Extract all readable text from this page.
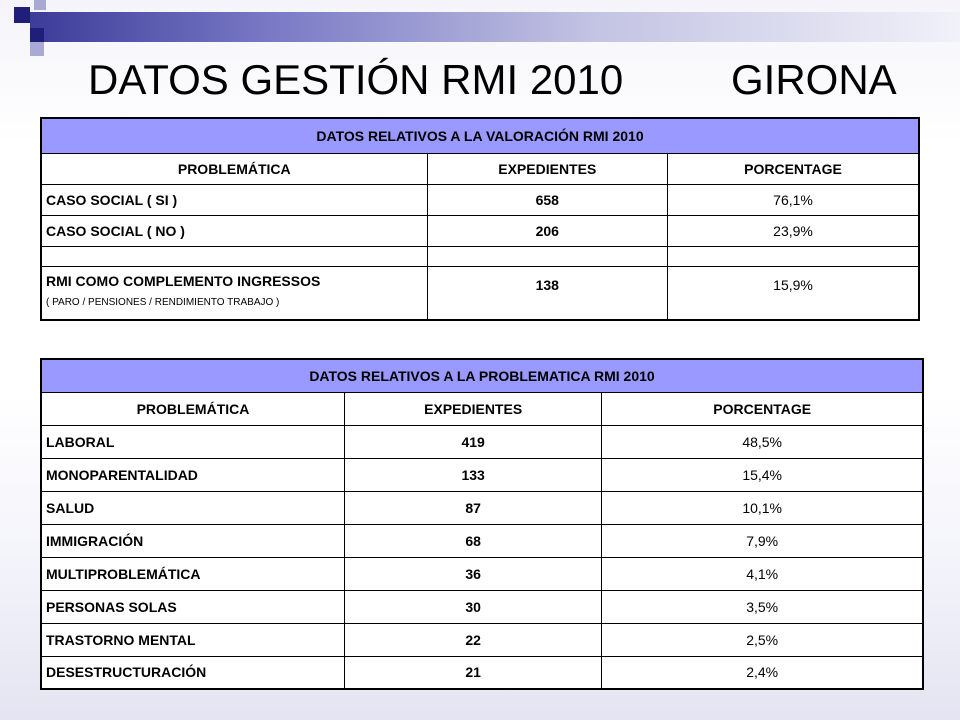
DATOS GESTIÓN RMI 2010	GIRONA
DATOS RELATIVOS A LA VALORACIÓN RMI 2010		
PROBLEMÁTICA	EXPEDIENTES	PORCENTAGE
CASO SOCIAL ( SI )	658	76,1%
CASO SOCIAL ( NO )	206	23,9%

RMI COMO COMPLEMENTO INGRESSOS
( PARO / PENSIONES / RENDIMIENTO TRABAJO )	138	15,9%
DATOS RELATIVOS A LA PROBLEMATICA RMI 2010		
PROBLEMÁTICA	EXPEDIENTES	PORCENTAGE
LABORAL	419	48,5%
MONOPARENTALIDAD	133	15,4%
SALUD	87	10,1%
IMMIGRACIÓN	68	7,9%
MULTIPROBLEMÁTICA	36	4,1%
PERSONAS SOLAS	30	3,5%
TRASTORNO MENTAL	22	2,5%
DESESTRUCTURACIÓN	21	2,4%
